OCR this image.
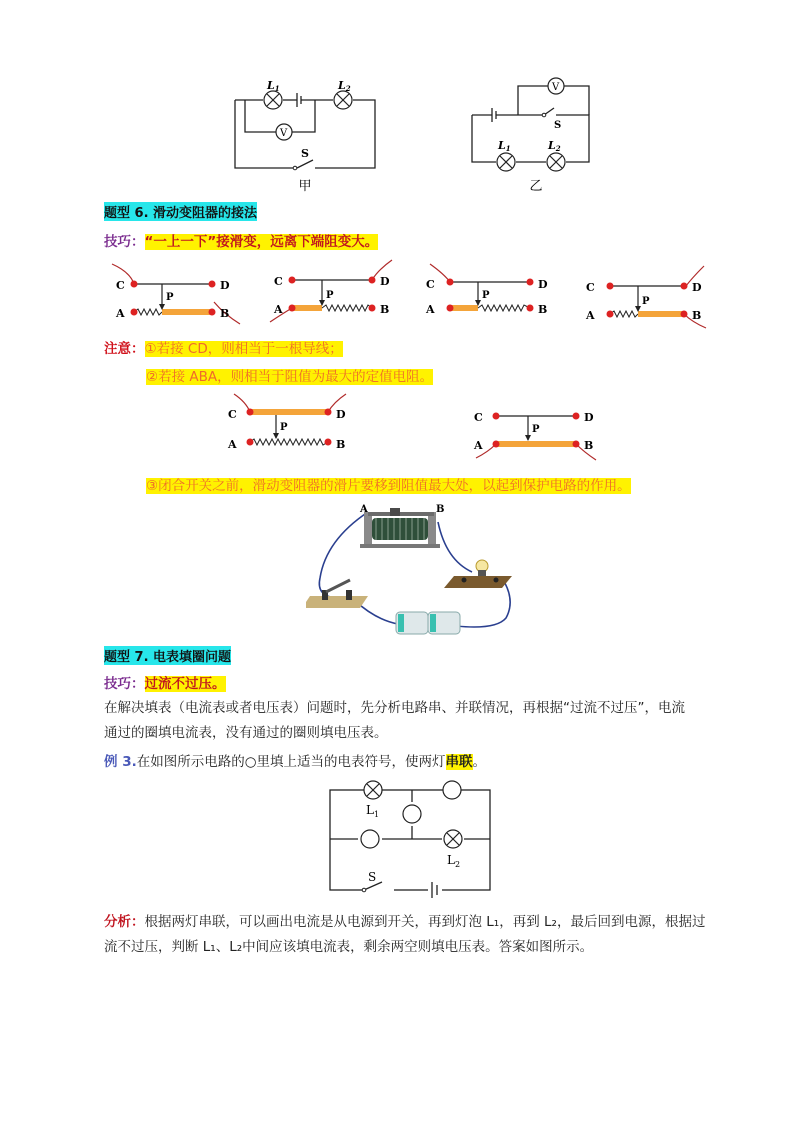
L1	L2
V
S
甲
V
S
L1	L2
乙
题型 6. 滑动变阻器的接法
技巧：“一上一下”接滑变，远离下端阻变大。
C	D
A	B
P
C	D
A	B
P
C	D
A	B
P
C	D
A	B
P
注意：①若接 CD，则相当于一根导线；
②若接 ABA，则相当于阻值为最大的定值电阻。
C	D
A	B
P
C	D
A	B
P
③闭合开关之前，滑动变阻器的滑片要移到阻值最大处，以起到保护电路的作用。
A	B
题型 7. 电表填圈问题
技巧：过流不过压。
在解决填表（电流表或者电压表）问题时，先分析电路串、并联情况，再根据“过流不过压”，电流
通过的圈填电流表，没有通过的圈则填电压表。
例 3.在如图所示电路的○里填上适当的电表符号，使两灯串联。
$L_1$
$L_2$
S
分析：根据两灯串联，可以画出电流是从电源到开关，再到灯泡 L₁，再到 L₂，最后回到电源，根据过
流不过压，判断 L₁、L₂中间应该填电流表，剩余两空则填电压表。答案如图所示。
